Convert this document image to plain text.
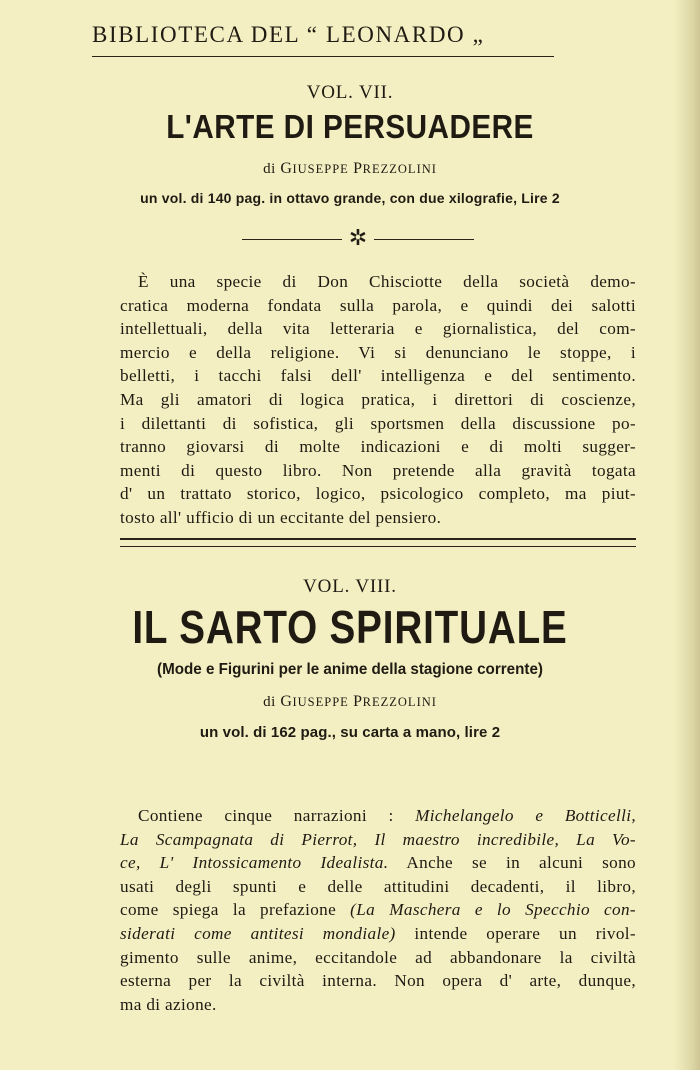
BIBLIOTECA DEL “ LEONARDO „
VOL. VII.
L'ARTE DI PERSUADERE
di GIUSEPPE PREZZOLINI
un vol. di 140 pag. in ottavo grande, con due xilografie, Lire 2
✲
È una specie di Don Chisciotte della società demo-
cratica moderna fondata sulla parola, e quindi dei salotti
intellettuali, della vita letteraria e giornalistica, del com-
mercio e della religione. Vi si denunciano le stoppe, i
belletti, i tacchi falsi dell' intelligenza e del sentimento.
Ma gli amatori di logica pratica, i direttori di coscienze,
i dilettanti di sofistica, gli sportsmen della discussione po-
tranno giovarsi di molte indicazioni e di molti sugger-
menti di questo libro. Non pretende alla gravità togata
d' un trattato storico, logico, psicologico completo, ma piut-
tosto all' ufficio di un eccitante del pensiero.
VOL. VIII.
IL SARTO SPIRITUALE
(Mode e Figurini per le anime della stagione corrente)
di GIUSEPPE PREZZOLINI
un vol. di 162 pag., su carta a mano, lire 2
Contiene cinque narrazioni : Michelangelo e Botticelli,
La Scampagnata di Pierrot, Il maestro incredibile, La Vo-
ce, L' Intossicamento Idealista. Anche se in alcuni sono
usati degli spunti e delle attitudini decadenti, il libro,
come spiega la prefazione (La Maschera e lo Specchio con-
siderati come antitesi mondiale) intende operare un rivol-
gimento sulle anime, eccitandole ad abbandonare la civiltà
esterna per la civiltà interna. Non opera d' arte, dunque,
ma di azione.
